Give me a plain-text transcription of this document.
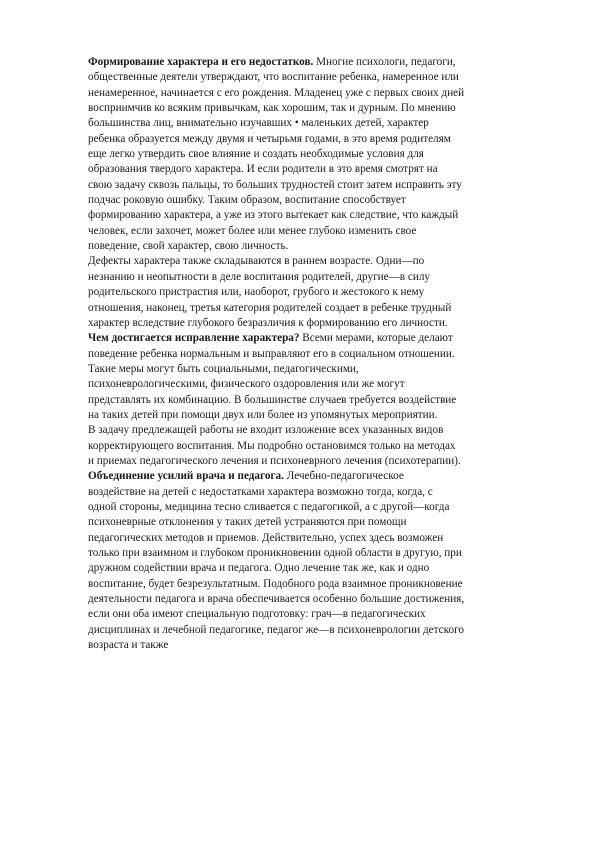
Формирование характера и его недостатков. Многие психологи, педагоги,
общественные деятели утверждают, что воспитание ребенка, намеренное или
ненамеренное, начинается с его рождения. Младенец уже с первых своих дней
восприимчив ко всяким привычкам, как хорошим, так и дурным. По мнению
большинства лиц, внимательно изучавших • маленьких детей, характер
ребенка образуется между двумя и четырьмя годами, в это время родителям
еще легко утвердить свое влияние и создать необходимые условия для
образования твердого характера. И если родители в это время смотрят на
свою задачу сквозь пальцы, то больших трудностей стоит затем исправить эту
подчас роковую ошибку. Таким образом, воспитание способствует
формированию характера, а уже из этого вытекает как следствие, что каждый
человек, если захочет, может более или менее глубоко изменить свое
поведение, свой характер, свою личность.
Дефекты характера также складываются в раннем возрасте. Одни—по
незнанию и неопытности в деле воспитания родителей, другие—в силу
родительского пристрастия или, наоборот, грубого и жестокого к нему
отношения, наконец, третья категория родителей создает в ребенке трудный
характер вследствие глубокого безразличия к формированию его личности.
Чем достигается исправление характера? Всеми мерами, которые делают
поведение ребенка нормальным и выправляют его в социальном отношении.
Такие меры могут быть социальными, педагогическими,
психоневрологическими, физического оздоровления или же могут
представлять их комбинацию. В большинстве случаев требуется воздействие
на таких детей при помощи двух или более из упомянутых мероприятии.
В задачу предлежащей работы не входит изложение всех указанных видов
корректирующего воспитания. Мы подробно остановимся только на методах
и приемах педагогического лечения и психоневрного лечения (психотерапии).
Объединение усилий врача и педагога. Лечебно-педагогическое
воздействие на детей с недостатками характера возможно тогда, когда, с
одной стороны, медицина тесно сливается с педагогикой, а с другой—когда
психоневрные отклонения у таких детей устраняются при помощи
педагогических методов и приемов. Действительно, успех здесь возможен
только при взаимном и глубоком проникновении одной области в другую, при
дружном содействии врача и педагога. Одно лечение так же, как и одно
воспитание, будет безрезультатным. Подобного рода взаимное проникновение
деятельности педагога и врача обеспечивается особенно большие достижения,
если они оба имеют специальную подготовку: грач—в педагогических
дисциплинах и лечебной педагогике, педагог же—в психоневрологии детского
возраста и также
